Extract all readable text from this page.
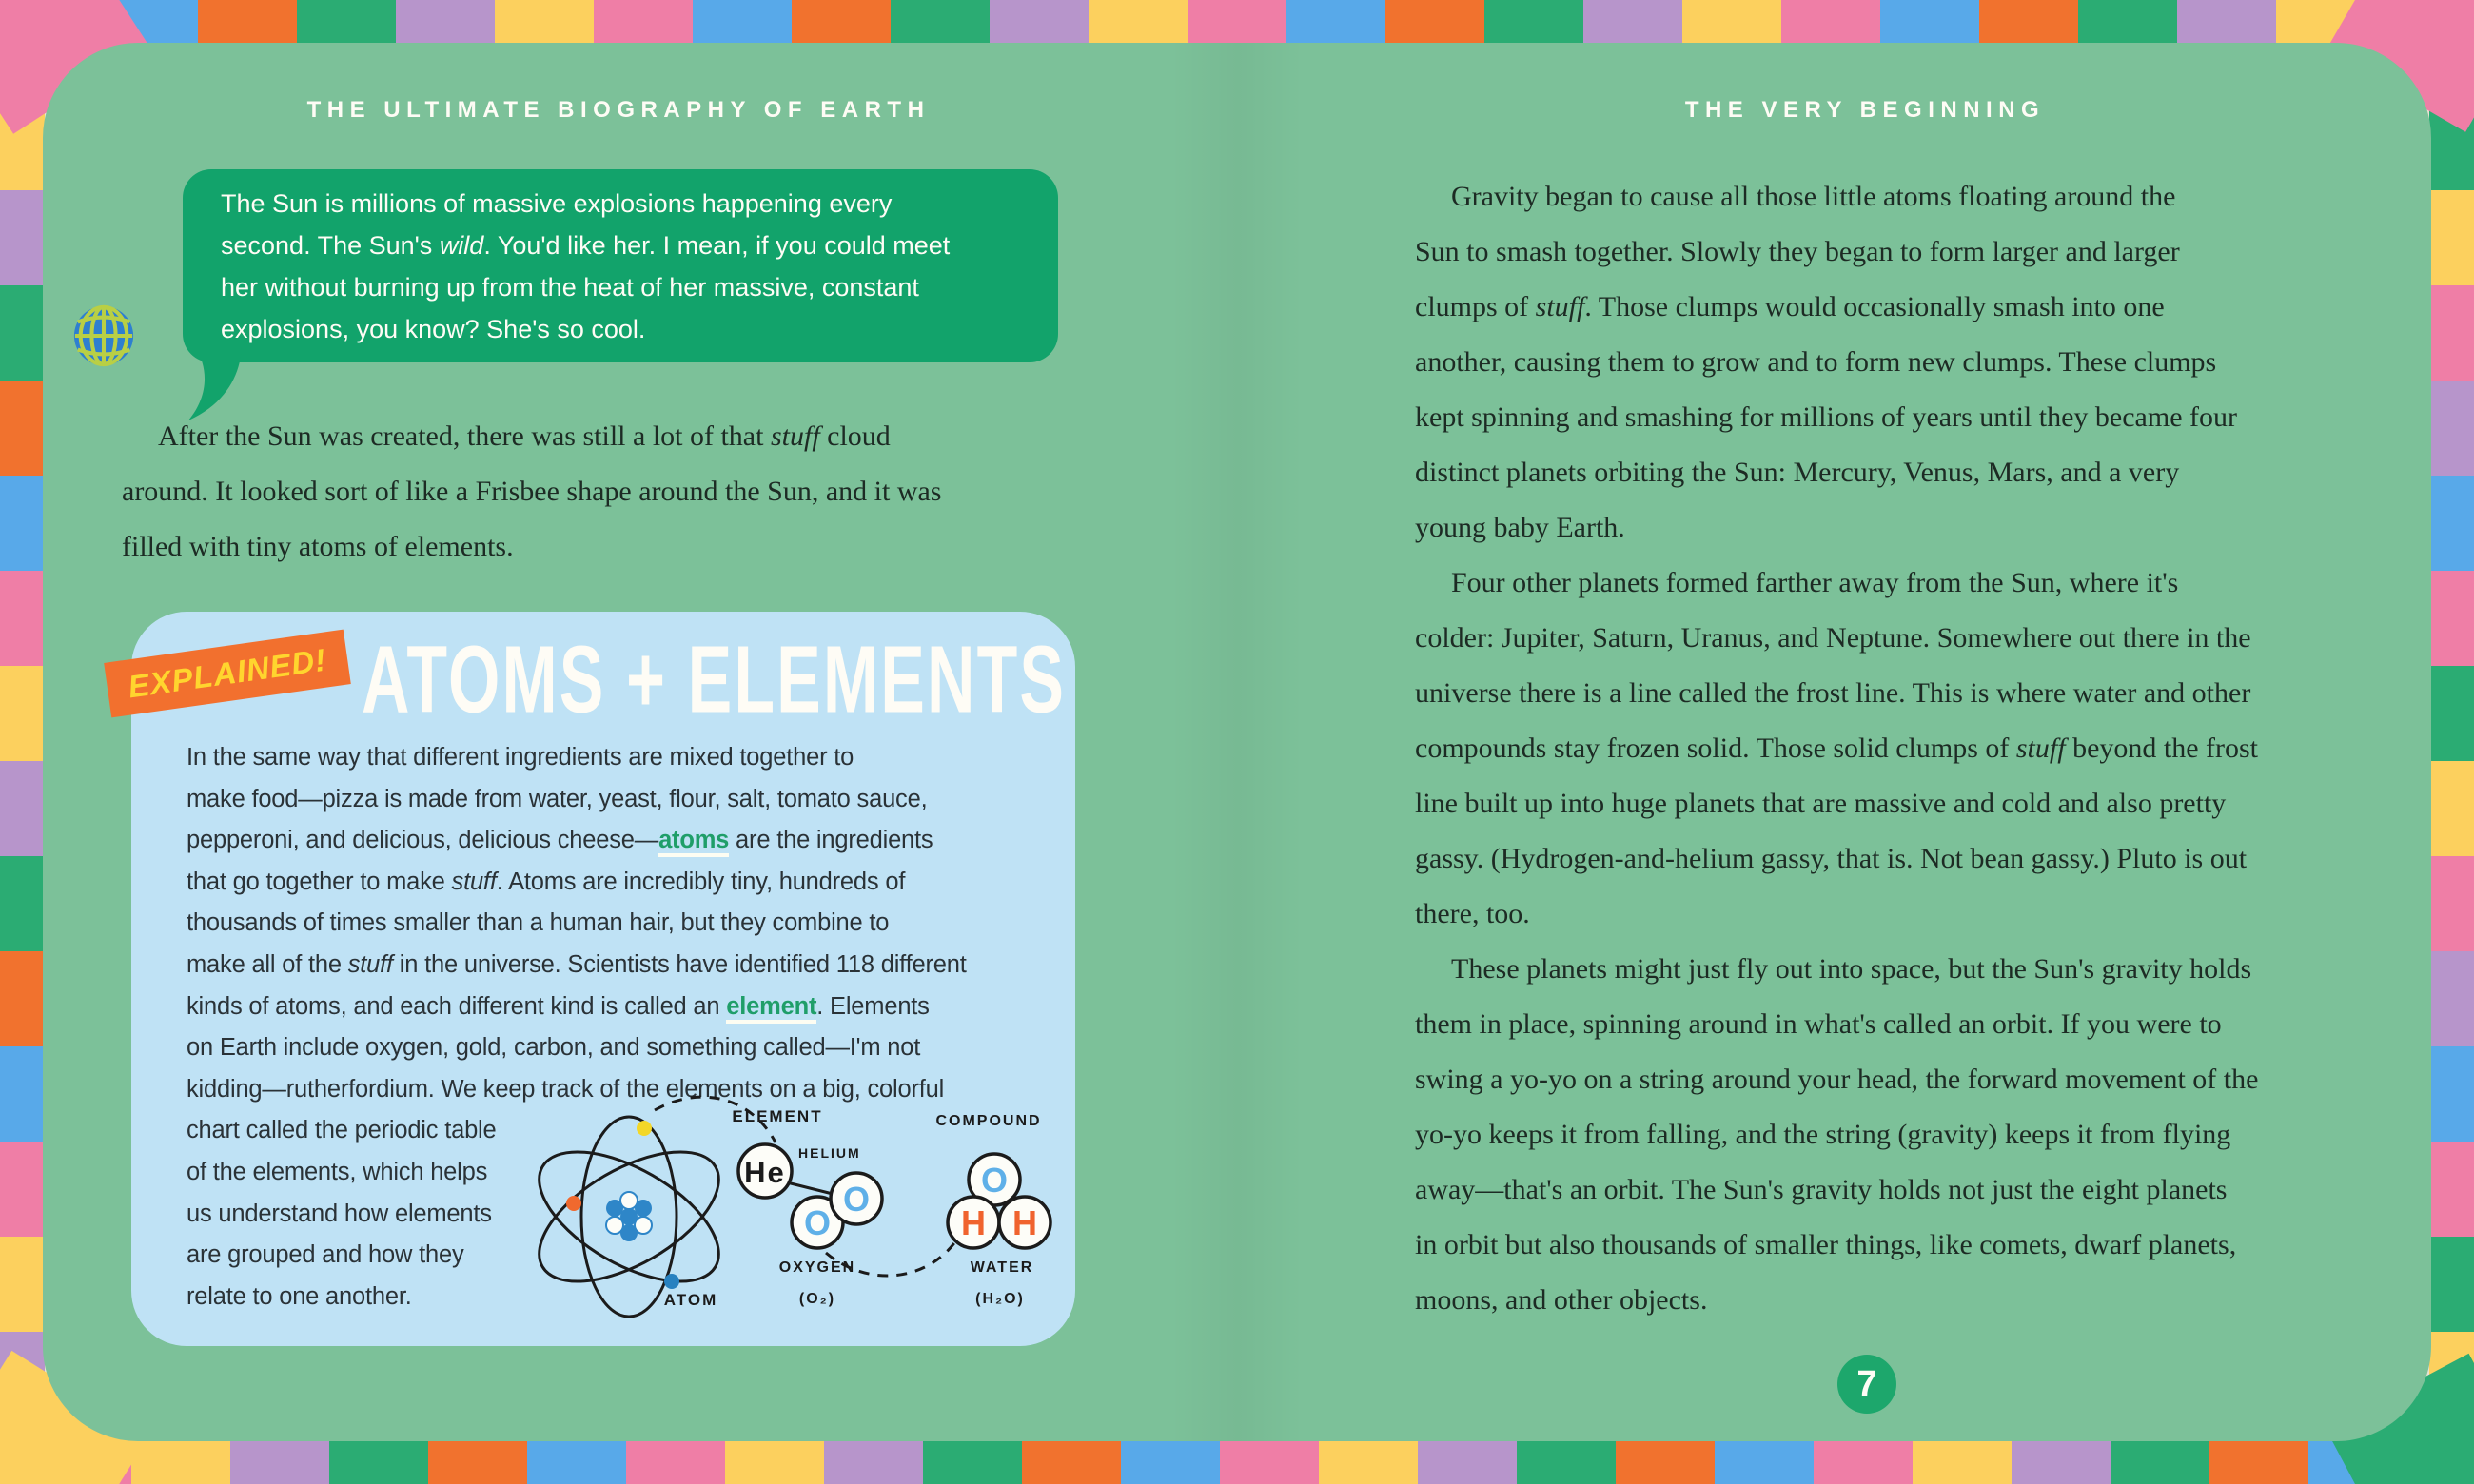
THE ULTIMATE BIOGRAPHY OF EARTH	THE VERY BEGINNING
The Sun is millions of massive explosions happening every
second. The Sun's wild. You'd like her. I mean, if you could meet
her without burning up from the heat of her massive, constant
explosions, you know? She's so cool.
After the Sun was created, there was still a lot of that stuff cloud
around. It looked sort of like a Frisbee shape around the Sun, and it was
filled with tiny atoms of elements.
EXPLAINED! ATOMS + ELEMENTS
In the same way that different ingredients are mixed together to
make food—pizza is made from water, yeast, flour, salt, tomato sauce,
pepperoni, and delicious, delicious cheese—atoms are the ingredients
that go together to make stuff. Atoms are incredibly tiny, hundreds of
thousands of times smaller than a human hair, but they combine to
make all of the stuff in the universe. Scientists have identified 118 different
kinds of atoms, and each different kind is called an element. Elements
on Earth include oxygen, gold, carbon, and something called—I'm not
kidding—rutherfordium. We keep track of the elements on a big, colorful
chart called the periodic table
of the elements, which helps
us understand how elements
are grouped and how they
relate to one another.
He
O
O	O
H H
ELEMENT
HELIUM
ATOM
OXYGEN
(O₂)
COMPOUND
WATER
(H₂O)
Gravity began to cause all those little atoms floating around the
Sun to smash together. Slowly they began to form larger and larger
clumps of stuff. Those clumps would occasionally smash into one
another, causing them to grow and to form new clumps. These clumps
kept spinning and smashing for millions of years until they became four
distinct planets orbiting the Sun: Mercury, Venus, Mars, and a very
young baby Earth.
Four other planets formed farther away from the Sun, where it's
colder: Jupiter, Saturn, Uranus, and Neptune. Somewhere out there in the
universe there is a line called the frost line. This is where water and other
compounds stay frozen solid. Those solid clumps of stuff beyond the frost
line built up into huge planets that are massive and cold and also pretty
gassy. (Hydrogen-and-helium gassy, that is. Not bean gassy.) Pluto is out
there, too.
These planets might just fly out into space, but the Sun's gravity holds
them in place, spinning around in what's called an orbit. If you were to
swing a yo-yo on a string around your head, the forward movement of the
yo-yo keeps it from falling, and the string (gravity) keeps it from flying
away—that's an orbit. The Sun's gravity holds not just the eight planets
in orbit but also thousands of smaller things, like comets, dwarf planets,
moons, and other objects.
7
